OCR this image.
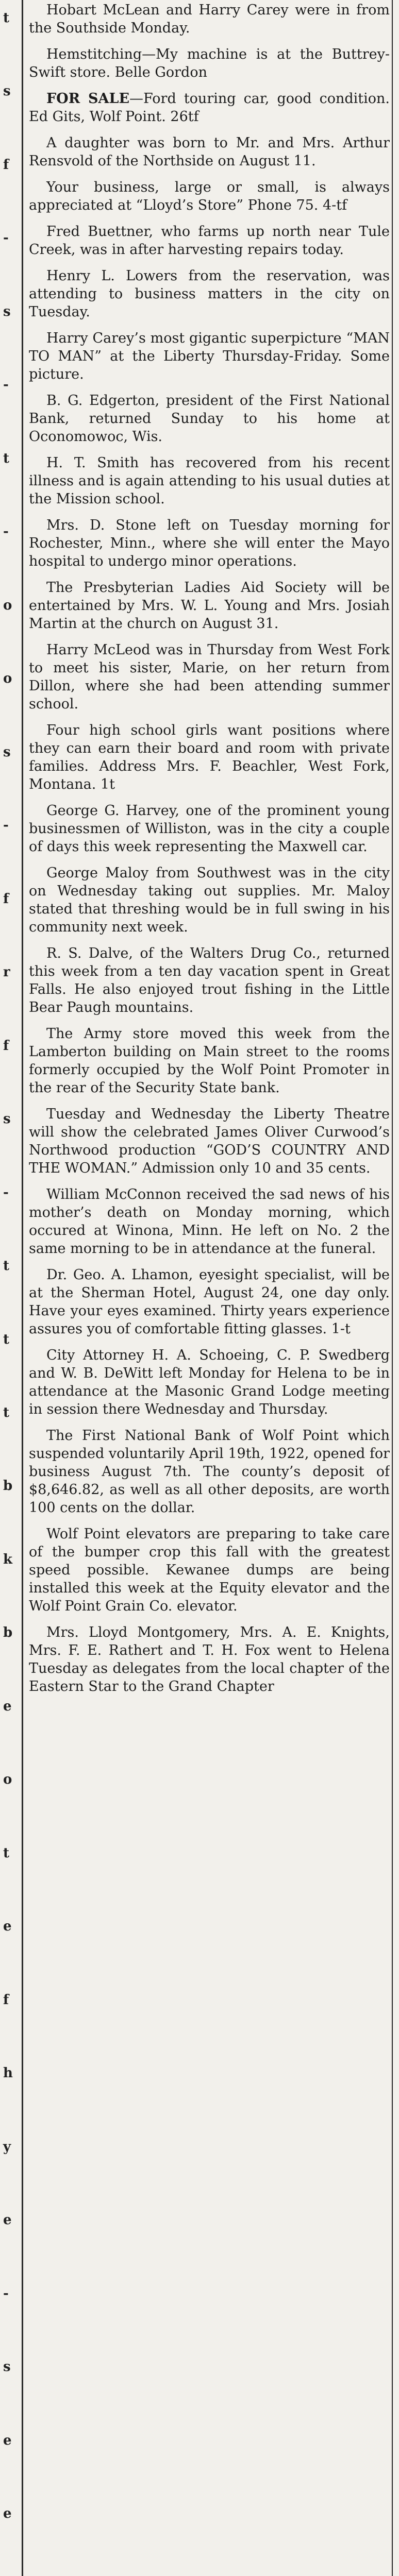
t
s
f
-
s
-
t
-
o
o
s
-
f
r
f
s
-
t
t
t
b
k
b
e
o
t
e
f
h
y
e
-
s
e
e

Hobart McLean and Harry Carey were in from the Southside Monday.

Hemstitching—My machine is at the Buttrey-Swift store. Belle Gordon

FOR SALE—Ford touring car, good condition. Ed Gits, Wolf Point. 26tf

A daughter was born to Mr. and Mrs. Arthur Rensvold of the Northside on August 11.

Your business, large or small, is always appreciated at “Lloyd’s Store” Phone 75. 4-tf

Fred Buettner, who farms up north near Tule Creek, was in after harvesting repairs today.

Henry L. Lowers from the reservation, was attending to business matters in the city on Tuesday.

Harry Carey’s most gigantic superpicture “MAN TO MAN” at the Liberty Thursday-Friday. Some picture.

B. G. Edgerton, president of the First National Bank, returned Sunday to his home at Oconomowoc, Wis.

H. T. Smith has recovered from his recent illness and is again attending to his usual duties at the Mission school.

Mrs. D. Stone left on Tuesday morning for Rochester, Minn., where she will enter the Mayo hospital to undergo minor operations.

The Presbyterian Ladies Aid Society will be entertained by Mrs. W. L. Young and Mrs. Josiah Martin at the church on August 31.

Harry McLeod was in Thursday from West Fork to meet his sister, Marie, on her return from Dillon, where she had been attending summer school.

Four high school girls want positions where they can earn their board and room with private families. Address Mrs. F. Beachler, West Fork, Montana. 1t

George G. Harvey, one of the prominent young businessmen of Williston, was in the city a couple of days this week representing the Maxwell car.

George Maloy from Southwest was in the city on Wednesday taking out supplies. Mr. Maloy stated that threshing would be in full swing in his community next week.

R. S. Dalve, of the Walters Drug Co., returned this week from a ten day vacation spent in Great Falls. He also enjoyed trout fishing in the Little Bear Paugh mountains.

The Army store moved this week from the Lamberton building on Main street to the rooms formerly occupied by the Wolf Point Promoter in the rear of the Security State bank.

Tuesday and Wednesday the Liberty Theatre will show the celebrated James Oliver Curwood’s Northwood production “GOD’S COUNTRY AND THE WOMAN.” Admission only 10 and 35 cents.

William McConnon received the sad news of his mother’s death on Monday morning, which occured at Winona, Minn. He left on No. 2 the same morning to be in attendance at the funeral.

Dr. Geo. A. Lhamon, eyesight specialist, will be at the Sherman Hotel, August 24, one day only. Have your eyes examined. Thirty years experience assures you of comfortable fitting glasses. 1-t

City Attorney H. A. Schoeing, C. P. Swedberg and W. B. DeWitt left Monday for Helena to be in attendance at the Masonic Grand Lodge meeting in session there Wednesday and Thursday.

The First National Bank of Wolf Point which suspended voluntarily April 19th, 1922, opened for business August 7th. The county’s deposit of $8,646.82, as well as all other deposits, are worth 100 cents on the dollar.

Wolf Point elevators are preparing to take care of the bumper crop this fall with the greatest speed possible. Kewanee dumps are being installed this week at the Equity elevator and the Wolf Point Grain Co. elevator.

Mrs. Lloyd Montgomery, Mrs. A. E. Knights, Mrs. F. E. Rathert and T. H. Fox went to Helena Tuesday as delegates from the local chapter of the Eastern Star to the Grand Chapter
